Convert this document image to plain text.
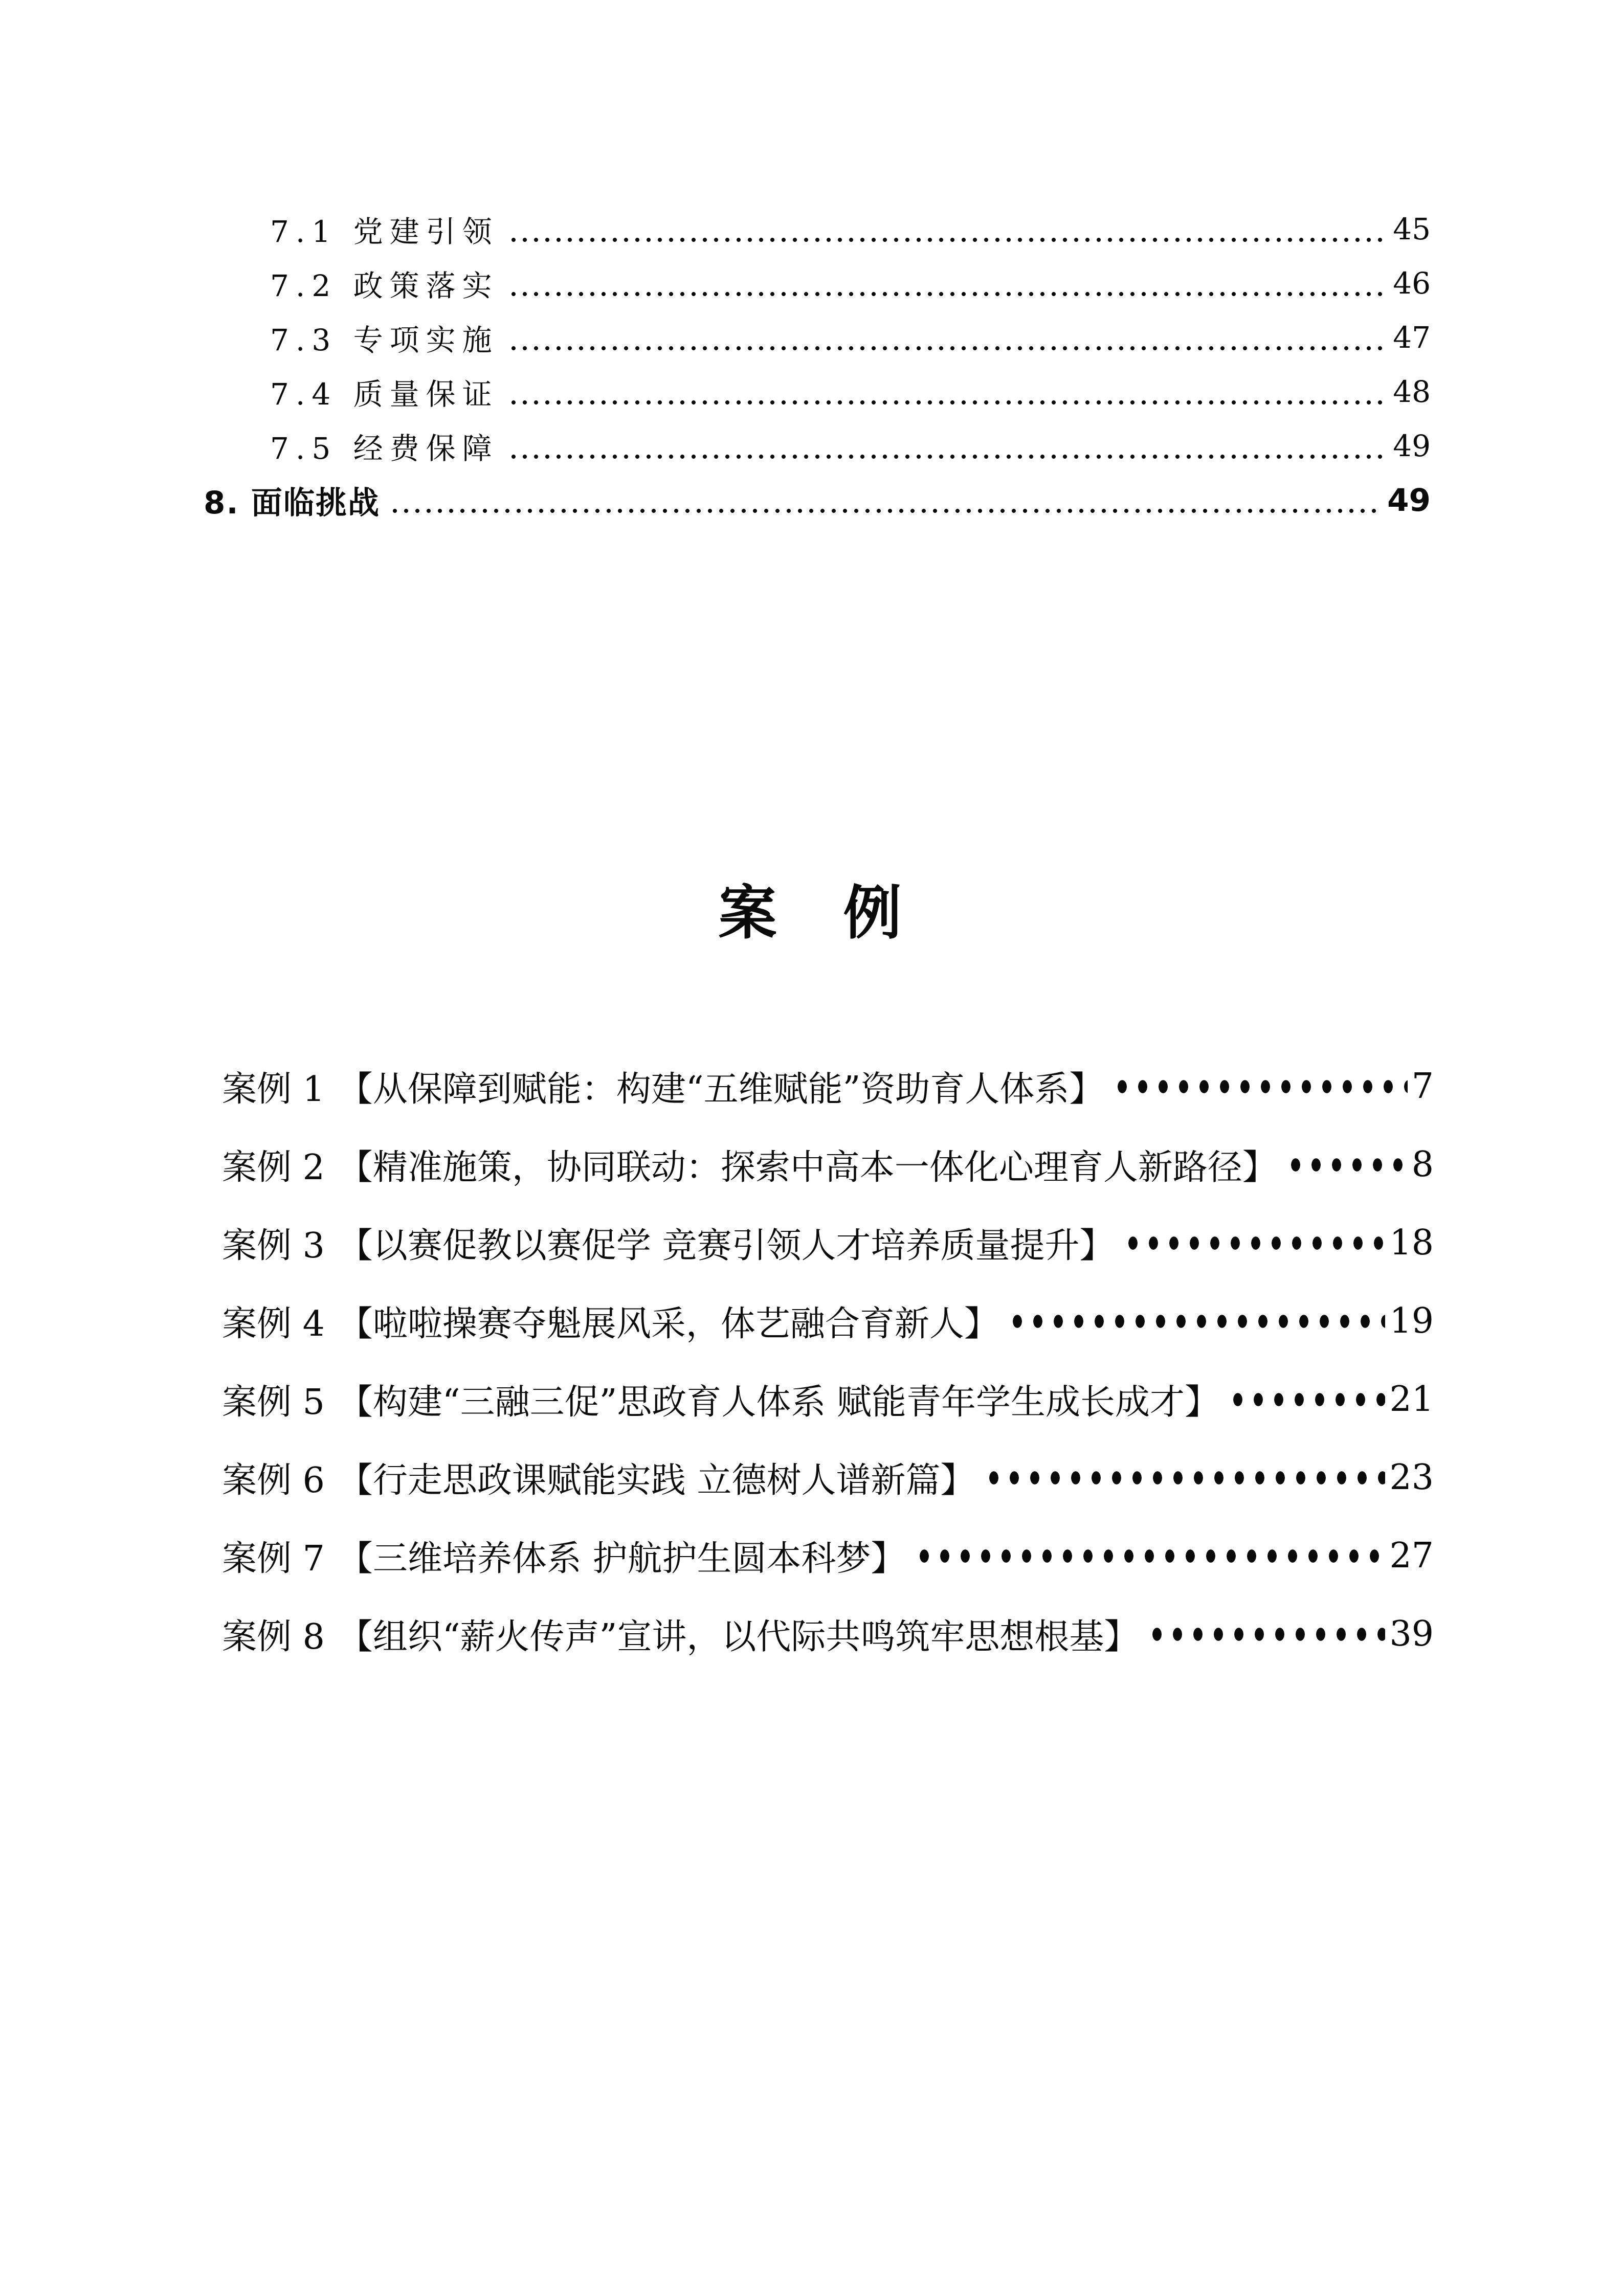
7.1 党建引领	45
7.2 政策落实	46
7.3 专项实施	47
7.4 质量保证	48
7.5 经费保障	49
8. 面临挑战	49
案　例
案例 1 【从保障到赋能：构建“五维赋能”资助育人体系】	7
案例 2 【精准施策，协同联动：探索中高本一体化心理育人新路径】	8
案例 3 【以赛促教以赛促学 竞赛引领人才培养质量提升】	18
案例 4 【啦啦操赛夺魁展风采，体艺融合育新人】	19
案例 5 【构建“三融三促”思政育人体系 赋能青年学生成长成才】	21
案例 6 【行走思政课赋能实践 立德树人谱新篇】	23
案例 7 【三维培养体系 护航护生圆本科梦】	27
案例 8 【组织“薪火传声”宣讲，以代际共鸣筑牢思想根基】	39
